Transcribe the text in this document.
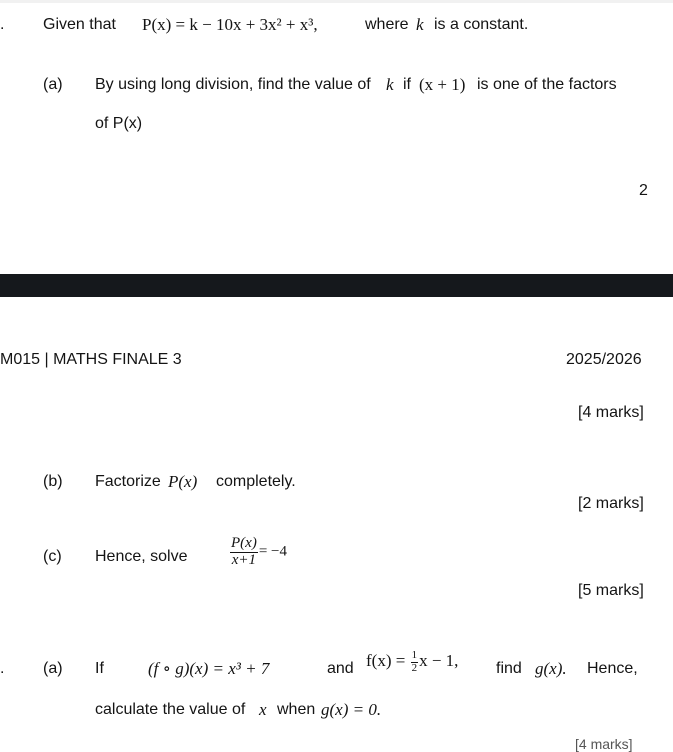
. Given that P(x) = k − 10x + 3x² + x³,	where k is a constant.
(a) By using long division, find the value of k if (x + 1) is one of the factors
of P(x)
2
M015 | MATHS FINALE 3	2025/2026
[4 marks]
(b) Factorize P(x) completely.
[2 marks]
(c) Hence, solve	$\frac{P(x)}{x+1} = -4$
[5 marks]
. (a) If	(f ∘ g)(x) = x³ + 7	and $f(x) = \frac{1}{2}$ x − 1, find g(x). Hence,
calculate the value of x when g(x) = 0.
[4 marks]
